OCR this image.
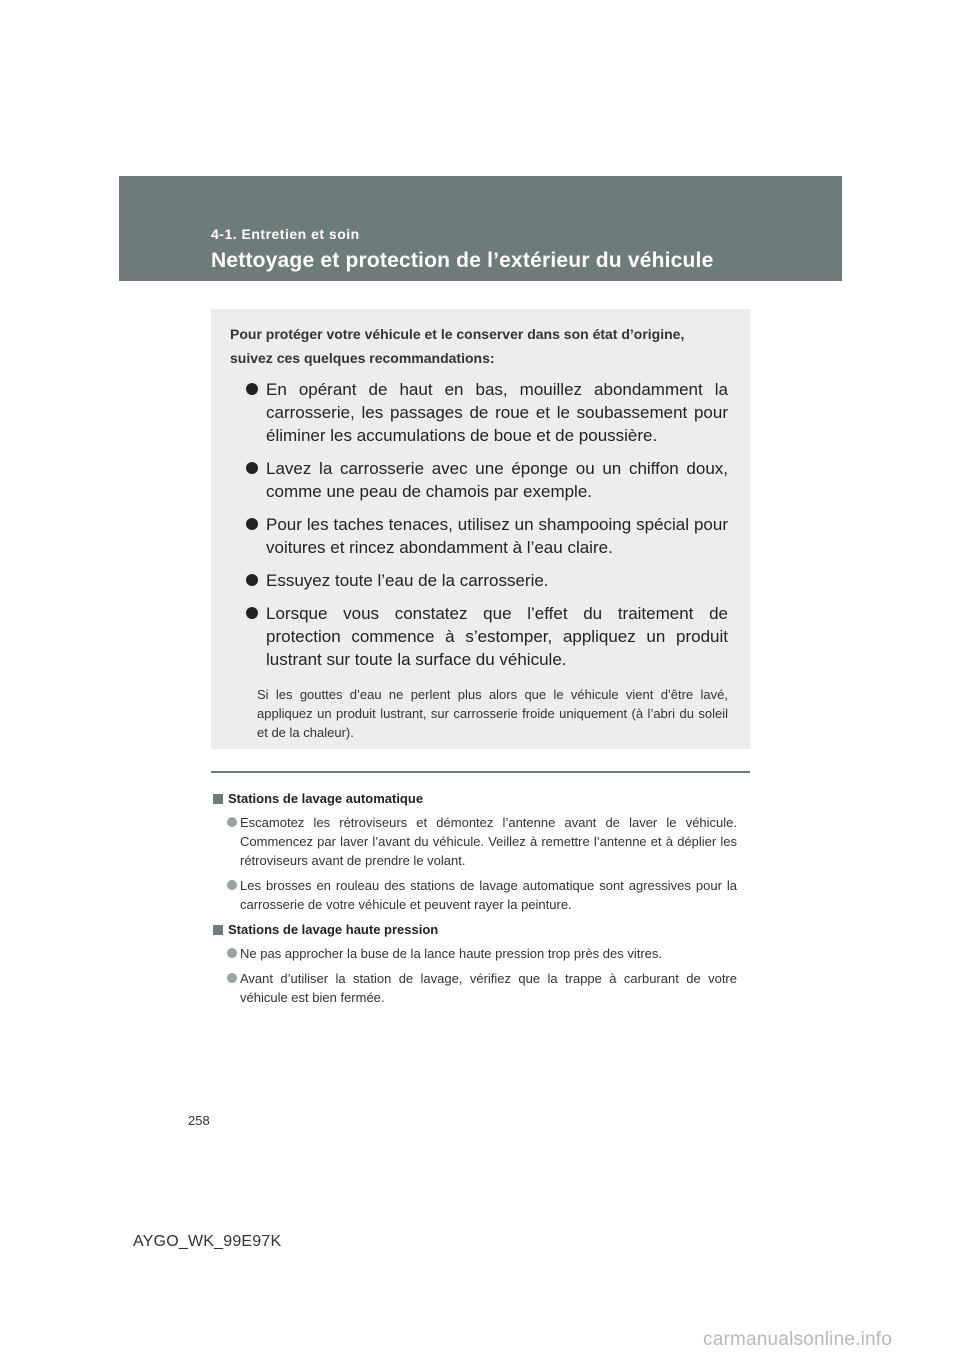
4-1. Entretien et soin
Nettoyage et protection de l’extérieur du véhicule
Pour protéger votre véhicule et le conserver dans son état d’origine, suivez ces quelques recommandations:
En opérant de haut en bas, mouillez abondamment la carrosserie, les passages de roue et le soubassement pour éliminer les accumulations de boue et de poussière.
Lavez la carrosserie avec une éponge ou un chiffon doux, comme une peau de chamois par exemple.
Pour les taches tenaces, utilisez un shampooing spécial pour voitures et rincez abondamment à l’eau claire.
Essuyez toute l’eau de la carrosserie.
Lorsque vous constatez que l’effet du traitement de protection commence à s’estomper, appliquez un produit lustrant sur toute la surface du véhicule.
Si les gouttes d’eau ne perlent plus alors que le véhicule vient d’être lavé, appliquez un produit lustrant, sur carrosserie froide uniquement (à l’abri du soleil et de la chaleur).
Stations de lavage automatique
Escamotez les rétroviseurs et démontez l’antenne avant de laver le véhicule. Commencez par laver l’avant du véhicule. Veillez à remettre l’antenne et à déplier les rétroviseurs avant de prendre le volant.
Les brosses en rouleau des stations de lavage automatique sont agressives pour la carrosserie de votre véhicule et peuvent rayer la peinture.
Stations de lavage haute pression
Ne pas approcher la buse de la lance haute pression trop près des vitres.
Avant d’utiliser la station de lavage, vérifiez que la trappe à carburant de votre véhicule est bien fermée.
258
AYGO_WK_99E97K
carmanualsonline.info
